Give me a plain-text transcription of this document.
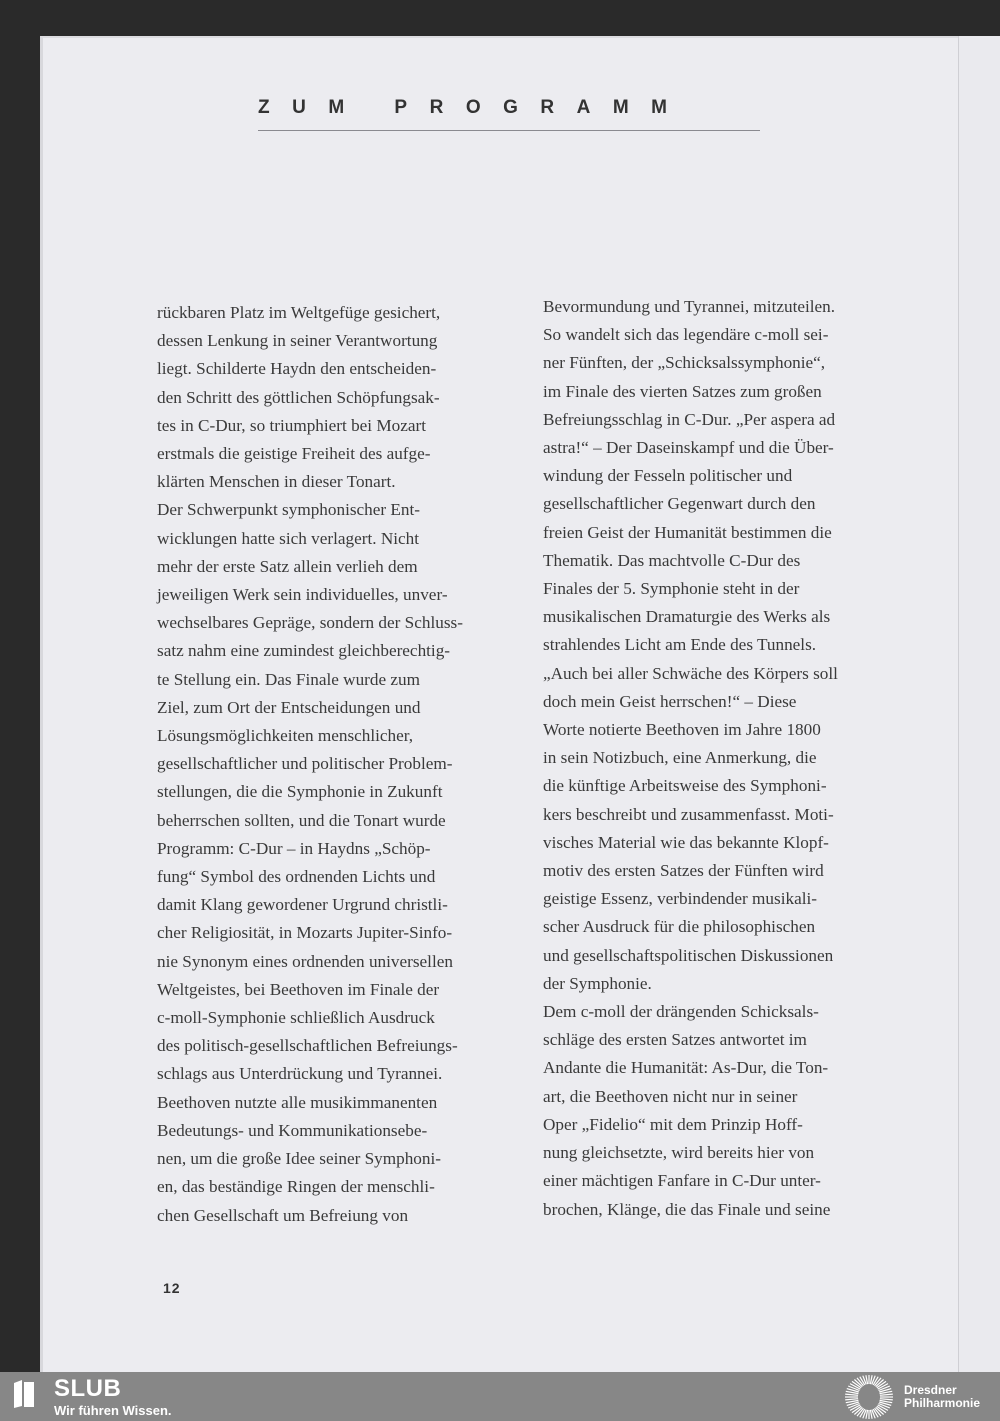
ZUM PROGRAMM
rückbaren Platz im Weltgefüge gesichert,
dessen Lenkung in seiner Verantwortung
liegt. Schilderte Haydn den entscheiden-
den Schritt des göttlichen Schöpfungsak-
tes in C-Dur, so triumphiert bei Mozart
erstmals die geistige Freiheit des aufge-
klärten Menschen in dieser Tonart.
Der Schwerpunkt symphonischer Ent-
wicklungen hatte sich verlagert. Nicht
mehr der erste Satz allein verlieh dem
jeweiligen Werk sein individuelles, unver-
wechselbares Gepräge, sondern der Schluss-
satz nahm eine zumindest gleichberechtig-
te Stellung ein. Das Finale wurde zum
Ziel, zum Ort der Entscheidungen und
Lösungsmöglichkeiten menschlicher,
gesellschaftlicher und politischer Problem-
stellungen, die die Symphonie in Zukunft
beherrschen sollten, und die Tonart wurde
Programm: C-Dur – in Haydns „Schöp-
fung“ Symbol des ordnenden Lichts und
damit Klang gewordener Urgrund christli-
cher Religiosität, in Mozarts Jupiter-Sinfo-
nie Synonym eines ordnenden universellen
Weltgeistes, bei Beethoven im Finale der
c-moll-Symphonie schließlich Ausdruck
des politisch-gesellschaftlichen Befreiungs-
schlags aus Unterdrückung und Tyrannei.
Beethoven nutzte alle musikimmanenten
Bedeutungs- und Kommunikationsebe-
nen, um die große Idee seiner Symphoni-
en, das beständige Ringen der menschli-
chen Gesellschaft um Befreiung von
Bevormundung und Tyrannei, mitzuteilen.
So wandelt sich das legendäre c-moll sei-
ner Fünften, der „Schicksalssymphonie“,
im Finale des vierten Satzes zum großen
Befreiungsschlag in C-Dur. „Per aspera ad
astra!“ – Der Daseinskampf und die Über-
windung der Fesseln politischer und
gesellschaftlicher Gegenwart durch den
freien Geist der Humanität bestimmen die
Thematik. Das machtvolle C-Dur des
Finales der 5. Symphonie steht in der
musikalischen Dramaturgie des Werks als
strahlendes Licht am Ende des Tunnels.
„Auch bei aller Schwäche des Körpers soll
doch mein Geist herrschen!“ – Diese
Worte notierte Beethoven im Jahre 1800
in sein Notizbuch, eine Anmerkung, die
die künftige Arbeitsweise des Symphoni-
kers beschreibt und zusammenfasst. Moti-
visches Material wie das bekannte Klopf-
motiv des ersten Satzes der Fünften wird
geistige Essenz, verbindender musikali-
scher Ausdruck für die philosophischen
und gesellschaftspolitischen Diskussionen
der Symphonie.
Dem c-moll der drängenden Schicksals-
schläge des ersten Satzes antwortet im
Andante die Humanität: As-Dur, die Ton-
art, die Beethoven nicht nur in seiner
Oper „Fidelio“ mit dem Prinzip Hoff-
nung gleichsetzte, wird bereits hier von
einer mächtigen Fanfare in C-Dur unter-
brochen, Klänge, die das Finale und seine
12
SLUB
Wir führen Wissen.
Dresdner
Philharmonie
